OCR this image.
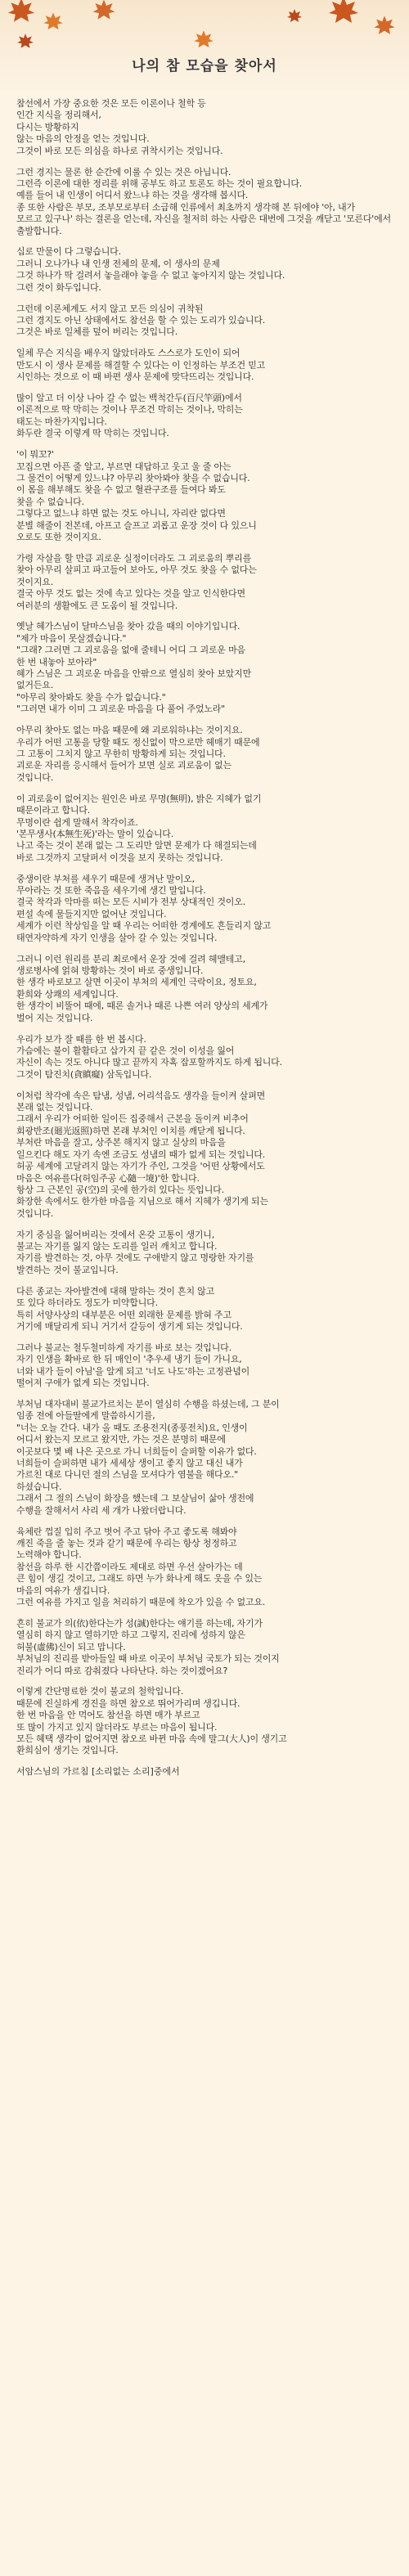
나의 참 모습을 찾아서

참선에서 가장 중요한 것은 모든 이론이나 철학 등
인간 지식을 정리해서,
다시는 방황하지
않는 마음의 안정을 얻는 것입니다.
그것이 바로 모든 의심을 하나로 귀착시키는 것입니다.

그런 경지는 물론 한 순간에 이룰 수 있는 것은 아닙니다.
그런즉 이론에 대한 정리를 위해 공부도 하고 토론도 하는 것이 필요합니다.
예를 들어 내 인생이 어디서 왔느냐 하는 것을 생각해 봅시다.
종 또한 사람은 부모, 조부모로부터 소급해 인류에서 최초까지 생각해 본 뒤에야 '아, 내가
모르고 있구나' 하는 결론을 얻는데, 자신을 철저히 하는 사람은 대번에 그것을 깨닫고 '모른다'에서 출발합니다.

십로 만물이 다 그렇습니다.
그러니 오나가나 내 인생 전체의 문제, 이 생사의 문제
그것 하나가 딱 걸려서 놓을래야 놓을 수 없고 놓아지지 않는 것입니다.
그런 것이 화두입니다.

그런데 이론체계도 서지 않고 모든 의심이 귀착된
그런 경지도 아닌 상태에서도 참선을 할 수 있는 도리가 있습니다.
그것은 바로 일체를 덮어 버리는 것입니다.

일체 무슨 지식을 배우지 않았더라도 스스로가 도인이 되어
만도시 이 생사 문제를 해결할 수 있다는 이 인정하는 부조건 믿고
시인하는 것으로 이 때 바편 생사 문제에 맞닥뜨리는 것입니다.

많이 알고 더 이상 나아 갈 수 없는 백척간두(百尺竿頭)에서
이론적으로 딱 막히는 것이나 무조건 막히는 것이나, 막히는
태도는 마찬가지입니다.
화두란 결국 이렇게 딱 막히는 것입니다.

'이 뭐꼬?'
꼬집으면 아픈 줄 알고, 부르면 대답하고 웃고 울 줄 아는
그 물건이 어떻게 있느냐? 아무리 찾아봐야 찾을 수 없습니다.
이 몸을 해부해도 찾을 수 없고 혈관구조를 들여다 봐도
찾을 수 없습니다.
그렇다고 없느냐 하면 없는 것도 아니니, 자리란 없다면
분별 해줄이 전본데, 아프고 슬프고 괴롭고 운장 것이 다 있으니
오로도 또한 것이지요.

가령 자살을 할 만큼 괴로운 실정이더라도 그 괴로움의 뿌리를
찾아 아무리 살피고 파고들어 보아도, 아무 것도 찾을 수 없다는
것이지요.
결국 아무 것도 없는 것에 속고 있다는 것을 알고 인식한다면
여러분의 생활에도 큰 도움이 될 것입니다.

옛날 혜가스님이 달마스님을 찾아 갔을 때의 이야기입니다.
"제가 마음이 못살겠습니다."
"그래? 그러면 그 괴로움을 없애 줄테니 어디 그 괴로운 마음
한 번 내놓아 보아라"
혜가 스님은 그 괴로운 마음을 안팎으로 열심히 찾아 보았지만
없거든요.
"아무리 찾아봐도 찾을 수가 없습니다."
"그러면 내가 이미 그 괴로운 마음을 다 풀어 주었노라"

아무리 찾아도 없는 마음 때문에 왜 괴로워하냐는 것이지요.
우리가 어떤 고통을 당할 때도 정신없이 막으로만 헤매기 때문에
그 고통이 그치지 않고 무한히 방황하게 되는 것입니다.
괴로운 자리를 응시해서 들어가 보면 실로 괴로움이 없는
것입니다.

이 괴로움이 없어지는 원인은 바로 무명(無明), 밝은 지혜가 없기
때문이라고 합니다.
무명이란 쉽게 말해서 착각이죠.
'본무생사(本無生死)'라는 말이 있습니다.
나고 죽는 것이 본래 없는 그 도리만 알면 문제가 다 해결되는데
바로 그것까지 고달퍼서 이것을 보지 못하는 것입니다.

중생이란 부처를 세우기 때문에 생겨난 말이오,
무아라는 것 또한 죽음을 세우기에 생긴 말입니다.
결국 착각과 악마를 떠는 모든 시비가 전부 상대적인 것이오.
편설 속에 물들지지만 없어난 것입니다.
세계가 이런 착상임을 알 때 우리는 어떠한 경계에도 흔들리지 않고
태연자약하게 자기 인생을 살아 갈 수 있는 것입니다.

그러니 이런 원리를 분리 최로에서 운장 것에 걸려 헤맬테고,
생로병사에 얽혀 방황하는 것이 바로 중생입니다.
한 생각 바로보고 살면 이곳이 부처의 세계인 극락이요, 정토요,
환희와 상쾌의 세계입니다.
한 생각이 비뚤어 때에, 때론 솔거나 때론 나쁜 여러 양상의 세계가
벌어 지는 것입니다.

우리가 보가 잘 때를 한 번 봅시다.
가슴에는 불이 활활타고 삽가지 끝 같은 것이 이성을 잃어
자신이 속는 것도 아니다 많고 끝까지 자혹 잡포할까지도 하게 됩니다.
그것이 탐진치(貪瞋癡) 삼독입니다.

이처럼 착각에 속은 탐냄, 성냄, 어리석음도 생각을 들이켜 살펴면
본래 없는 것입니다.
그래서 우리가 어떠한 일이든 집중해서 근본을 돌이켜 비추어
회광반조(廻光返照)하면 본래 부처인 이치를 깨닫게 됩니다.
부처란 마음을 잘고, 상주본 해지지 않고 실상의 마음을
일으킨다 해도 자기 속엔 조금도 성냄의 때가 없게 되는 것입니다.
허공 세계에 고달려지 않는 자기가 주인, 그것을 '어떤 상황에서도
마음은 여유를다(허임주공 心隨一境)'한 합니다.
항상 그 근본인 공(空)의 곳에 한가히 있다는 뜻입니다.
화장한 속에서도 한가한 마음을 지님으로 해서 지혜가 생기게 되는
것입니다.

자기 중심을 잃어버리는 것에서 온갖 고통이 생기니,
불교는 자기를 잃지 않는 도리를 일러 깨치고 합니다.
자기를 발견하는 것, 아무 것에도 구애받지 않고 명랑한 자기를
발견하는 것이 불교입니다.

다른 종교는 자아발견에 대해 말하는 것이 흔치 않고
또 있다 하더라도 정도가 미약합니다.
특히 서양사상의 대부분은 어떤 외래한 문제를 밝혀 주고
거기에 매달리게 되니 거기서 갈등이 생기게 되는 것입니다.

그러나 불교는 철두철미하게 자기를 바로 보는 것입니다.
자기 인생을 확바로 한 뒤 매인이 '추우세 냉기 들이 가니요,
너와 내가 들이 아님'을 알게 되고 '너도 나도'하는 고정관념이
떨어져 구애가 없게 되는 것입니다.

부처님 대자대비 불교가르치는 분이 열심히 수행을 하셨는데, 그 분이
임종 전에 아들딸에게 말씀하시기를,
"너는 오늘 간다. 내가 올 때도 조용전지(종풍전치)요, 인생이
어디서 왔는지 모르고 왔지만, 가는 것은 분명히 때문에
이곳보다 몇 배 나은 곳으로 가니 너희들이 슬퍼할 이유가 없다.
너희들이 슬퍼하면 내가 세세상 생이고 좋지 않고 대신 내가
가르친 대로 다니던 절의 스님을 모셔다가 염불을 해다오."
하셨습니다.
그래서 그 절의 스님이 화장을 했는데 그 보살님이 삶아 생전에
수행을 잘해서서 사리 세 개가 나왔더랍니다.

육체란 껍질 입히 주고 벗어 주고 닦아 주고 좋도록 해봐야
깨진 죽을 줄 놓는 것과 같기 때문에 우리는 항상 청정하고
노력해야 합니다.
참선을 하루 한 시간쯤이라도 제대로 하면 우선 살아가는 데
큰 힘이 생길 것이고, 그래도 하면 누가 화나게 해도 웃을 수 있는
마음의 여유가 생깁니다.
그런 여유를 가지고 일을 처리하기 때문에 착오가 있을 수 없고요.

흔히 불교가 의(依)한다는가 성(誠)한다는 얘기를 하는데, 자기가
열심히 하지 않고 열하기만 하고 그렇지, 진리에 성하지 않은
허불(虛佛)신이 되고 맙니다.
부처님의 진리를 받아들일 때 바로 이곳이 부처님 국토가 되는 것이지
진리가 어디 따로 감춰졌다 나타난다. 하는 것이겠어요?

이렇게 간단명료한 것이 불교의 철학입니다.
때문에 진실하게 경진을 하면 참오로 뛰어가리며 생깁니다.
한 번 마음을 안 먹어도 참선을 하면 매가 부르고
또 많이 가지고 있지 않더라도 부르는 마음이 됩니다.
모든 혜택 생각이 없어지면 참오로 바뀐 마음 속에 말그(大人)이 생기고
환희심이 생기는 것입니다.

서암스님의 가르침 [소리없는 소리]중에서
